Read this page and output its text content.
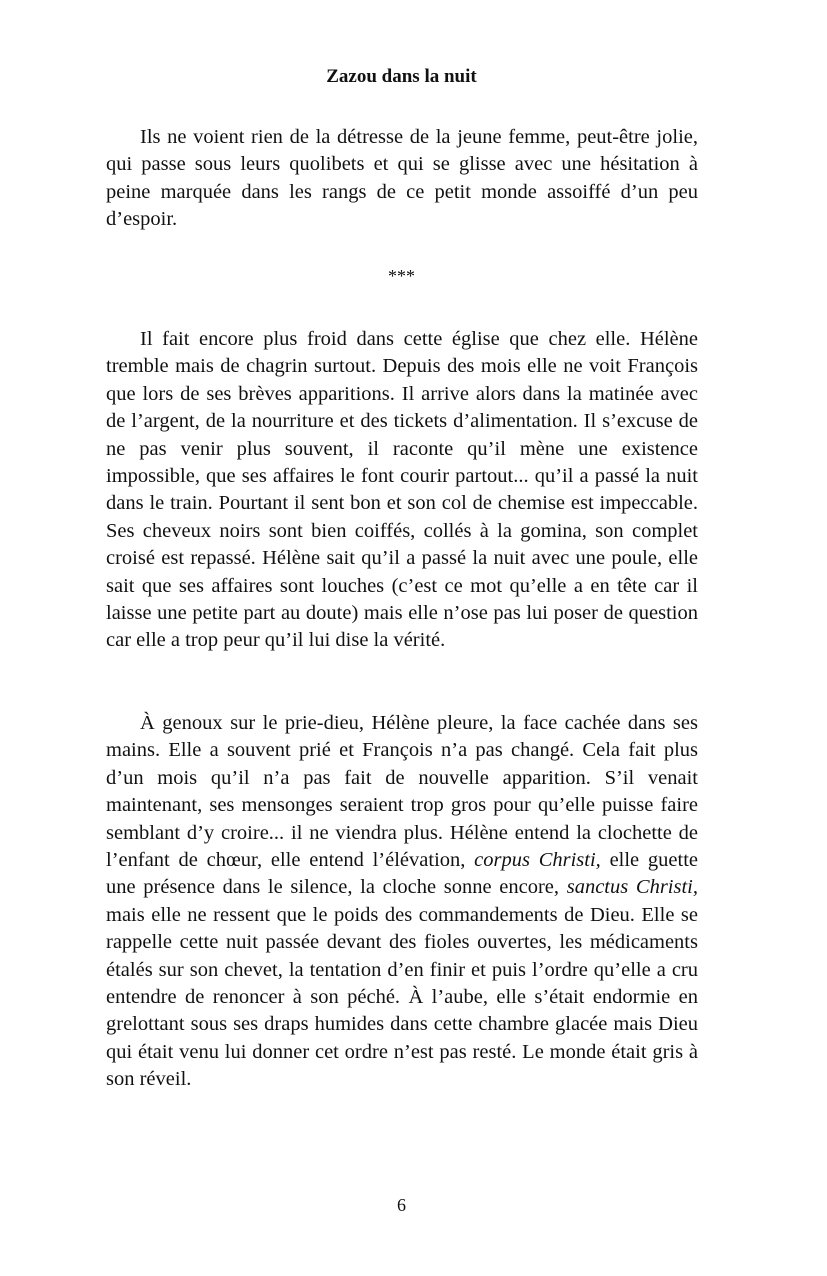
Zazou dans la nuit

Ils ne voient rien de la détresse de la jeune femme, peut-être jolie, qui passe sous leurs quolibets et qui se glisse avec une hésitation à peine marquée dans les rangs de ce petit monde assoiffé d’un peu d’espoir.

***

Il fait encore plus froid dans cette église que chez elle. Hélène tremble mais de chagrin surtout. Depuis des mois elle ne voit François que lors de ses brèves apparitions. Il arrive alors dans la matinée avec de l’argent, de la nourriture et des tickets d’alimentation. Il s’excuse de ne pas venir plus souvent, il raconte qu’il mène une existence impossible, que ses affaires le font courir partout... qu’il a passé la nuit dans le train. Pourtant il sent bon et son col de chemise est impeccable. Ses cheveux noirs sont bien coiffés, collés à la gomina, son complet croisé est repassé. Hélène sait qu’il a passé la nuit avec une poule, elle sait que ses affaires sont louches (c’est ce mot qu’elle a en tête car il laisse une petite part au doute) mais elle n’ose pas lui poser de question car elle a trop peur qu’il lui dise la vérité.

À genoux sur le prie-dieu, Hélène pleure, la face cachée dans ses mains. Elle a souvent prié et François n’a pas changé. Cela fait plus d’un mois qu’il n’a pas fait de nouvelle apparition. S’il venait maintenant, ses mensonges seraient trop gros pour qu’elle puisse faire semblant d’y croire... il ne viendra plus. Hélène entend la clochette de l’enfant de chœur, elle entend l’élévation, corpus Christi, elle guette une présence dans le silence, la cloche sonne encore, sanctus Christi, mais elle ne ressent que le poids des commandements de Dieu. Elle se rappelle cette nuit passée devant des fioles ouvertes, les médicaments étalés sur son chevet, la tentation d’en finir et puis l’ordre qu’elle a cru entendre de renoncer à son péché. À l’aube, elle s’était endormie en grelottant sous ses draps humides dans cette chambre glacée mais Dieu qui était venu lui donner cet ordre n’est pas resté. Le monde était gris à son réveil.

6
